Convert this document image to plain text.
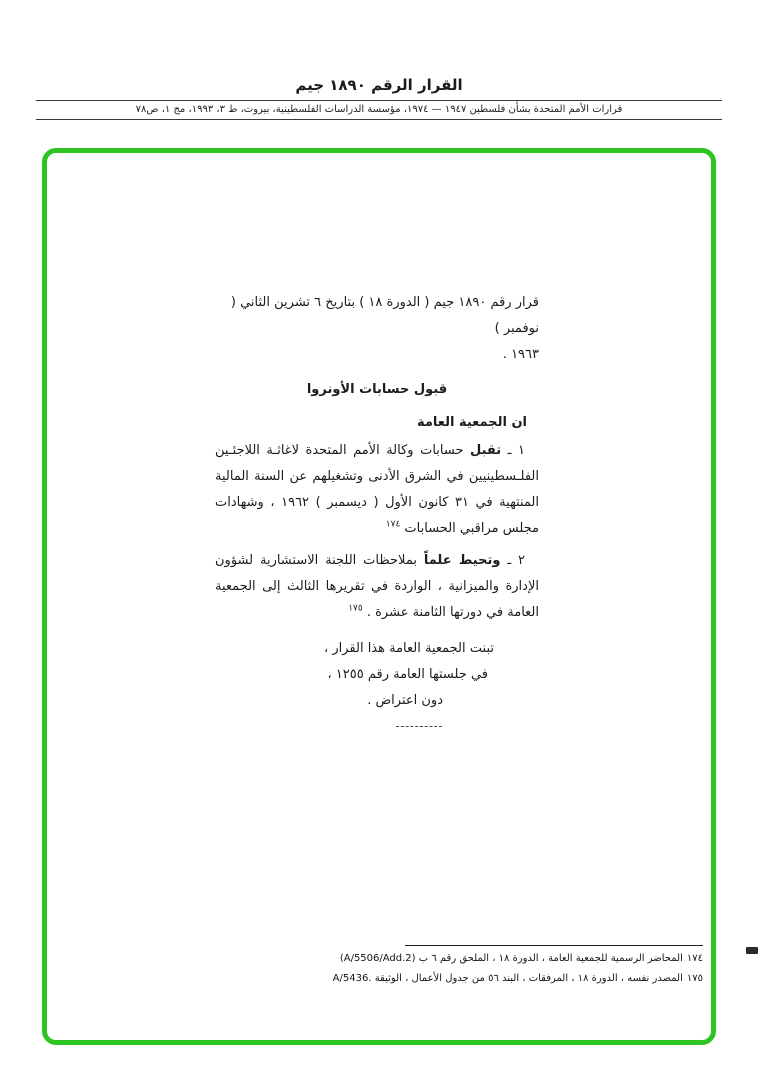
القرار الرقم ١٨٩٠ جيم
قرارات الأمم المتحدة بشأن فلسطين ١٩٤٧ — ١٩٧٤، مؤسسة الدراسات الفلسطينية، بيروت، ط ٣، ١٩٩٣، مج ١، ص٧٨

قرار رقم ١٨٩٠ جيم ( الدورة ١٨ ) بتاريخ ٦ تشرين الثاني ( نوفمبر )
١٩٦٣ .

قبول حسابات الأونروا

ان الجمعية العامة

١ ـ تقبل حسابات وكالة الأمم المتحدة لاغاثـة اللاجئـين الفلـسطينيين في الشرق الأدنى وتشغيلهم عن السنة المالية المنتهية في ٣١ كانون الأول ( ديسمبر ) ١٩٦٢ ، وشهادات مجلس مراقبي الحسابات $^{١٧٤}$

٢ ـ وتحيط علماً بملاحظات اللجنة الاستشارية لشؤون الإدارة والميزانية ، الواردة في تقريرها الثالث إلى الجمعية العامة في دورتها الثامنة عشرة . $^{١٧٥}$

تبنت الجمعية العامة هذا القرار ،
في جلستها العامة رقم ١٢٥٥ ،
دون اعتراض .
١٧٤المحاضر الرسمية للجمعية العامة ، الدورة ١٨ ، الملحق رقم ٦ ب (A/5506/Add.2)
١٧٥المصدر نفسه ، الدورة ١٨ ، المرفقات ، البند ٥٦ من جدول الأعمال ، الوثيقة A/5436.
